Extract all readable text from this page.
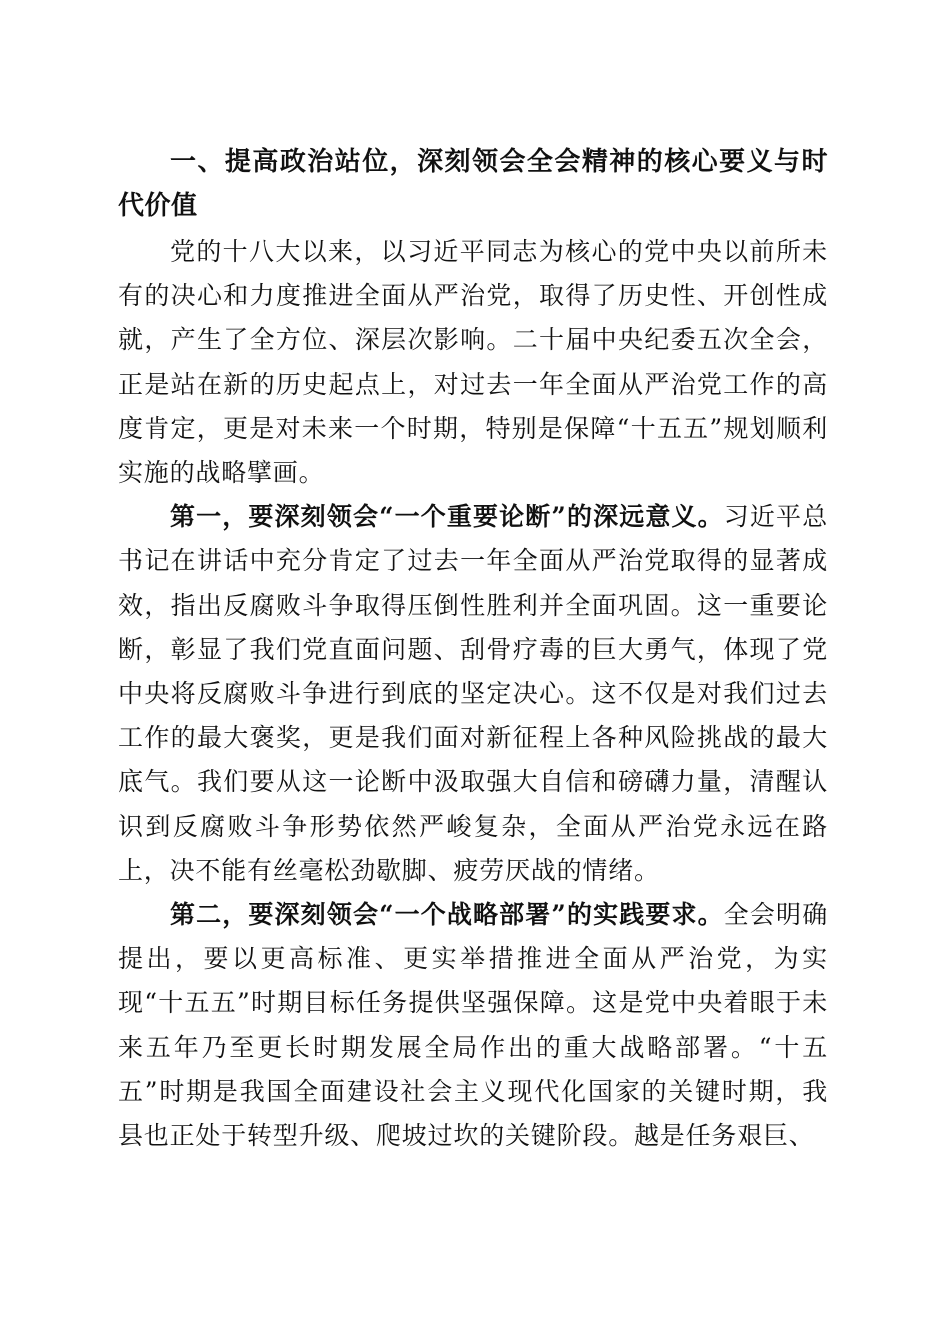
一、提高政治站位，深刻领会全会精神的核心要义与时代价值

党的十八大以来，以习近平同志为核心的党中央以前所未有的决心和力度推进全面从严治党，取得了历史性、开创性成就，产生了全方位、深层次影响。二十届中央纪委五次全会，正是站在新的历史起点上，对过去一年全面从严治党工作的高度肯定，更是对未来一个时期，特别是保障“十五五”规划顺利实施的战略擘画。

第一，要深刻领会“一个重要论断”的深远意义。习近平总书记在讲话中充分肯定了过去一年全面从严治党取得的显著成效，指出反腐败斗争取得压倒性胜利并全面巩固。这一重要论断，彰显了我们党直面问题、刮骨疗毒的巨大勇气，体现了党中央将反腐败斗争进行到底的坚定决心。这不仅是对我们过去工作的最大褒奖，更是我们面对新征程上各种风险挑战的最大底气。我们要从这一论断中汲取强大自信和磅礴力量，清醒认识到反腐败斗争形势依然严峻复杂，全面从严治党永远在路上，决不能有丝毫松劲歇脚、疲劳厌战的情绪。

第二，要深刻领会“一个战略部署”的实践要求。全会明确提出，要以更高标准、更实举措推进全面从严治党，为实现“十五五”时期目标任务提供坚强保障。这是党中央着眼于未来五年乃至更长时期发展全局作出的重大战略部署。“十五五”时期是我国全面建设社会主义现代化国家的关键时期，我县也正处于转型升级、爬坡过坎的关键阶段。越是任务艰巨、
